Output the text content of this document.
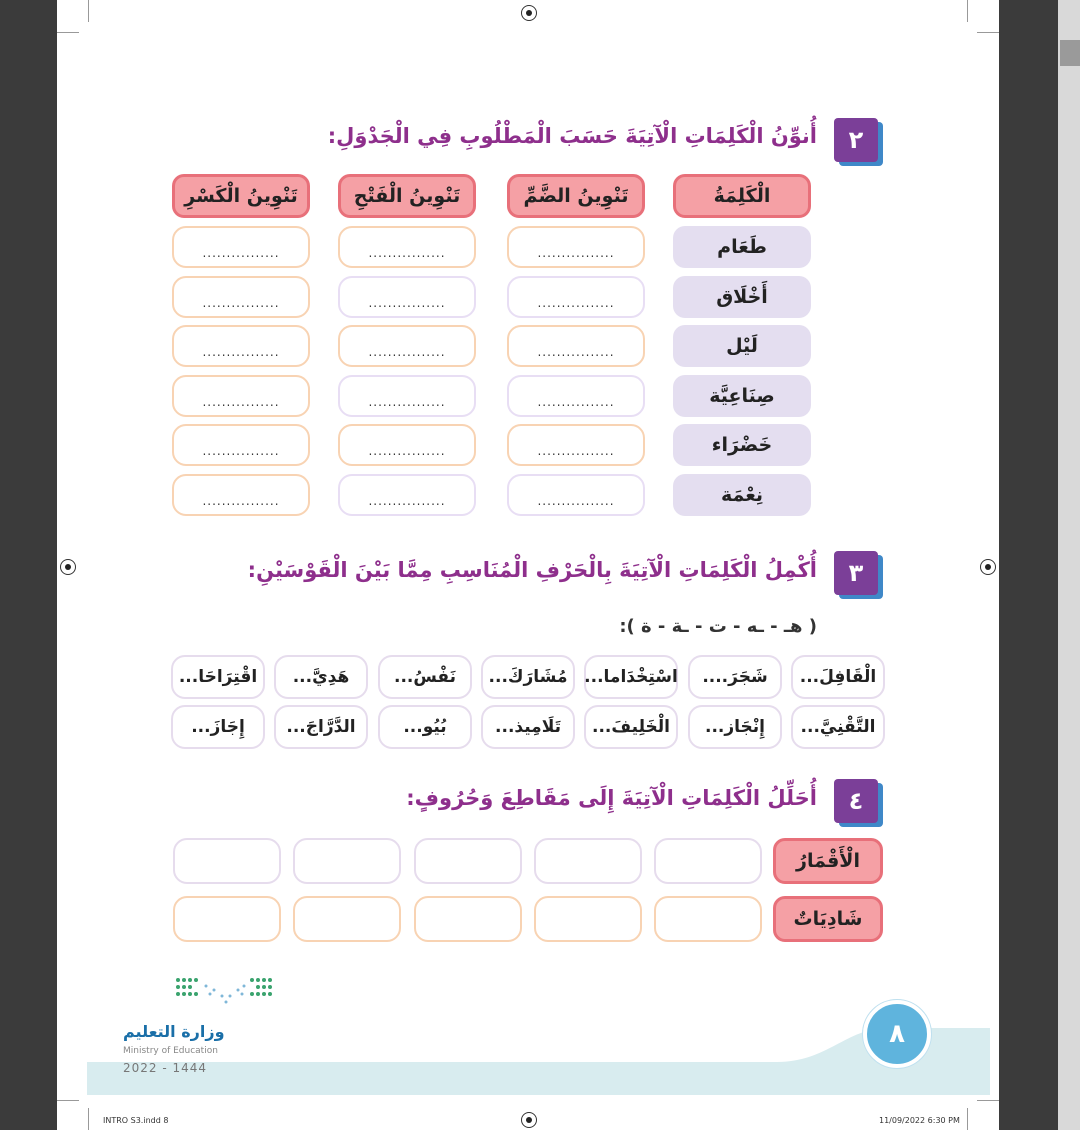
٢
أُنوِّنُ الْكَلِمَاتِ الْآتِيَةَ حَسَبَ الْمَطْلُوبِ فِي الْجَدْوَلِ:
الْكَلِمَةُ
تَنْوِينُ الضَّمِّ
تَنْوِينُ الْفَتْحِ
تَنْوِينُ الْكَسْرِ
طَعَام
................
................
................
أَخْلَاق
................
................
................
لَيْل
................
................
................
صِنَاعِيَّة
................
................
................
خَضْرَاء
................
................
................
نِعْمَة
................
................
................
٣
أُكْمِلُ الْكَلِمَاتِ الْآتِيَةَ بِالْحَرْفِ الْمُنَاسِبِ مِمَّا بَيْنَ الْقَوْسَيْنِ:
( هـ - ـه - ت - ـة - ة ):
الْقَافِلَ...
شَجَرَ....
اسْتِخْدَاما...
مُشَارَكَ...
نَفْسُ...
هَدِيَّ...
اقْتِرَاحَا...
التَّقْنِيَّ...
إِنْجَاز...
الْخَلِيفَ...
تَلَامِيذ...
بُيُو...
الدَّرَّاجَ...
إِجَازَ...
٤
أُحَلِّلُ الْكَلِمَاتِ الْآتِيَةَ إِلَى مَقَاطِعَ وَحُرُوفٍ:
الْأَقْمَارُ
شَادِيَاتٌ
وزارة التعليم
Ministry of Education
2022 - 1444
٨
INTRO S3.indd 8	11/09/2022 6:30 PM
